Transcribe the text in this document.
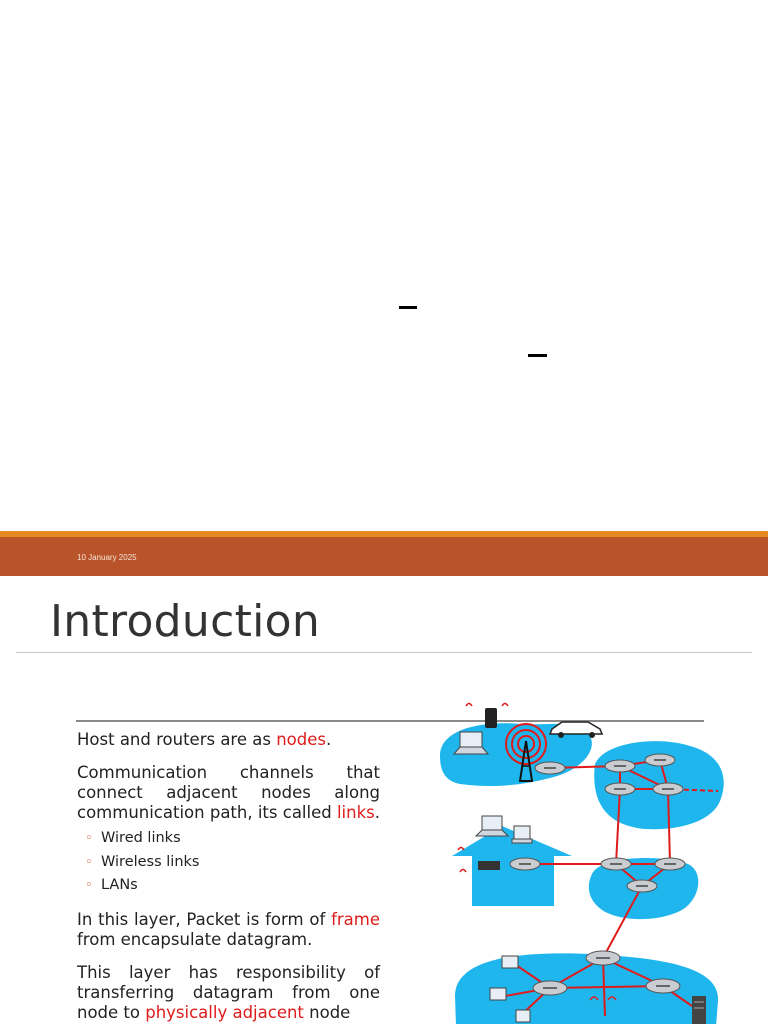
10 January 2025
Introduction

Host and routers are as nodes.

Communication channels that connect adjacent nodes along communication path, its called links.

◦ Wired links
◦ Wireless links
◦ LANs

In this layer, Packet is form of frame from encapsulate datagram.

This layer has responsibility of transferring datagram from one node to physically adjacent node
